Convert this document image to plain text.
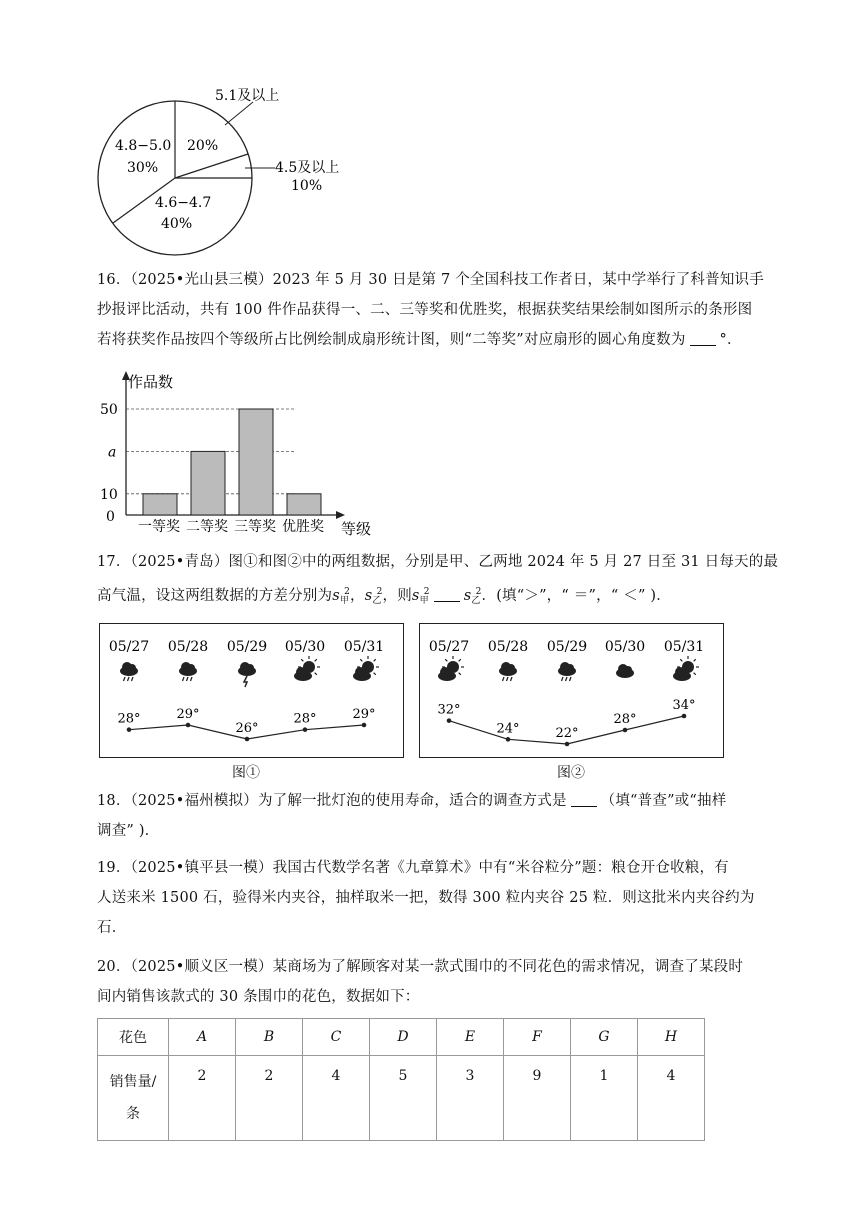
5.1及以上
20%
4.5及以上
10%
4.6−4.7
40%
4.8−5.0
30%
16．（2025•光山县三模）2023 年 5 月 30 日是第 7 个全国科技工作者日，某中学举行了科普知识手
抄报评比活动，共有 100 件作品获得一、二、三等奖和优胜奖，根据获奖结果绘制如图所示的条形图
若将获奖作品按四个等级所占比例绘制成扇形统计图，则“二等奖”对应扇形的圆心角度数为 °．
0
10
a
50
一等奖 二等奖 三等奖 优胜奖
作品数
等级
17．（2025•青岛）图①和图②中的两组数据，分别是甲、乙两地 2024 年 5 月 27 日至 31 日每天的最
高气温，设这两组数据的方差分别为$s_甲^2$，$s_乙^2$，则$s_甲^2$ $s_乙^2$．(填“＞”，“ ＝”，“ ＜” )．
05/27 05/28 05/29 05/30 05/31
28°	29°
26°
28°	29°
图①
05/27 05/28 05/29 05/30 05/31
32°
24°	22°
28°
34°
图②
18．（2025•福州模拟）为了解一批灯泡的使用寿命，适合的调查方式是 （填“普查”或“抽样
调查” )．
19．（2025•镇平县一模）我国古代数学名著《九章算术》中有“米谷粒分”题：粮仓开仓收粮，有
人送来米 1500 石，验得米内夹谷，抽样取米一把，数得 300 粒内夹谷 25 粒．则这批米内夹谷约为
石．
20．（2025•顺义区一模）某商场为了解顾客对某一款式围巾的不同花色的需求情况，调查了某段时
间内销售该款式的 30 条围巾的花色，数据如下：
花色	A	B	C	D	E	F	G	H
销售量/
条	2	2	4	5	3	9	1	4
